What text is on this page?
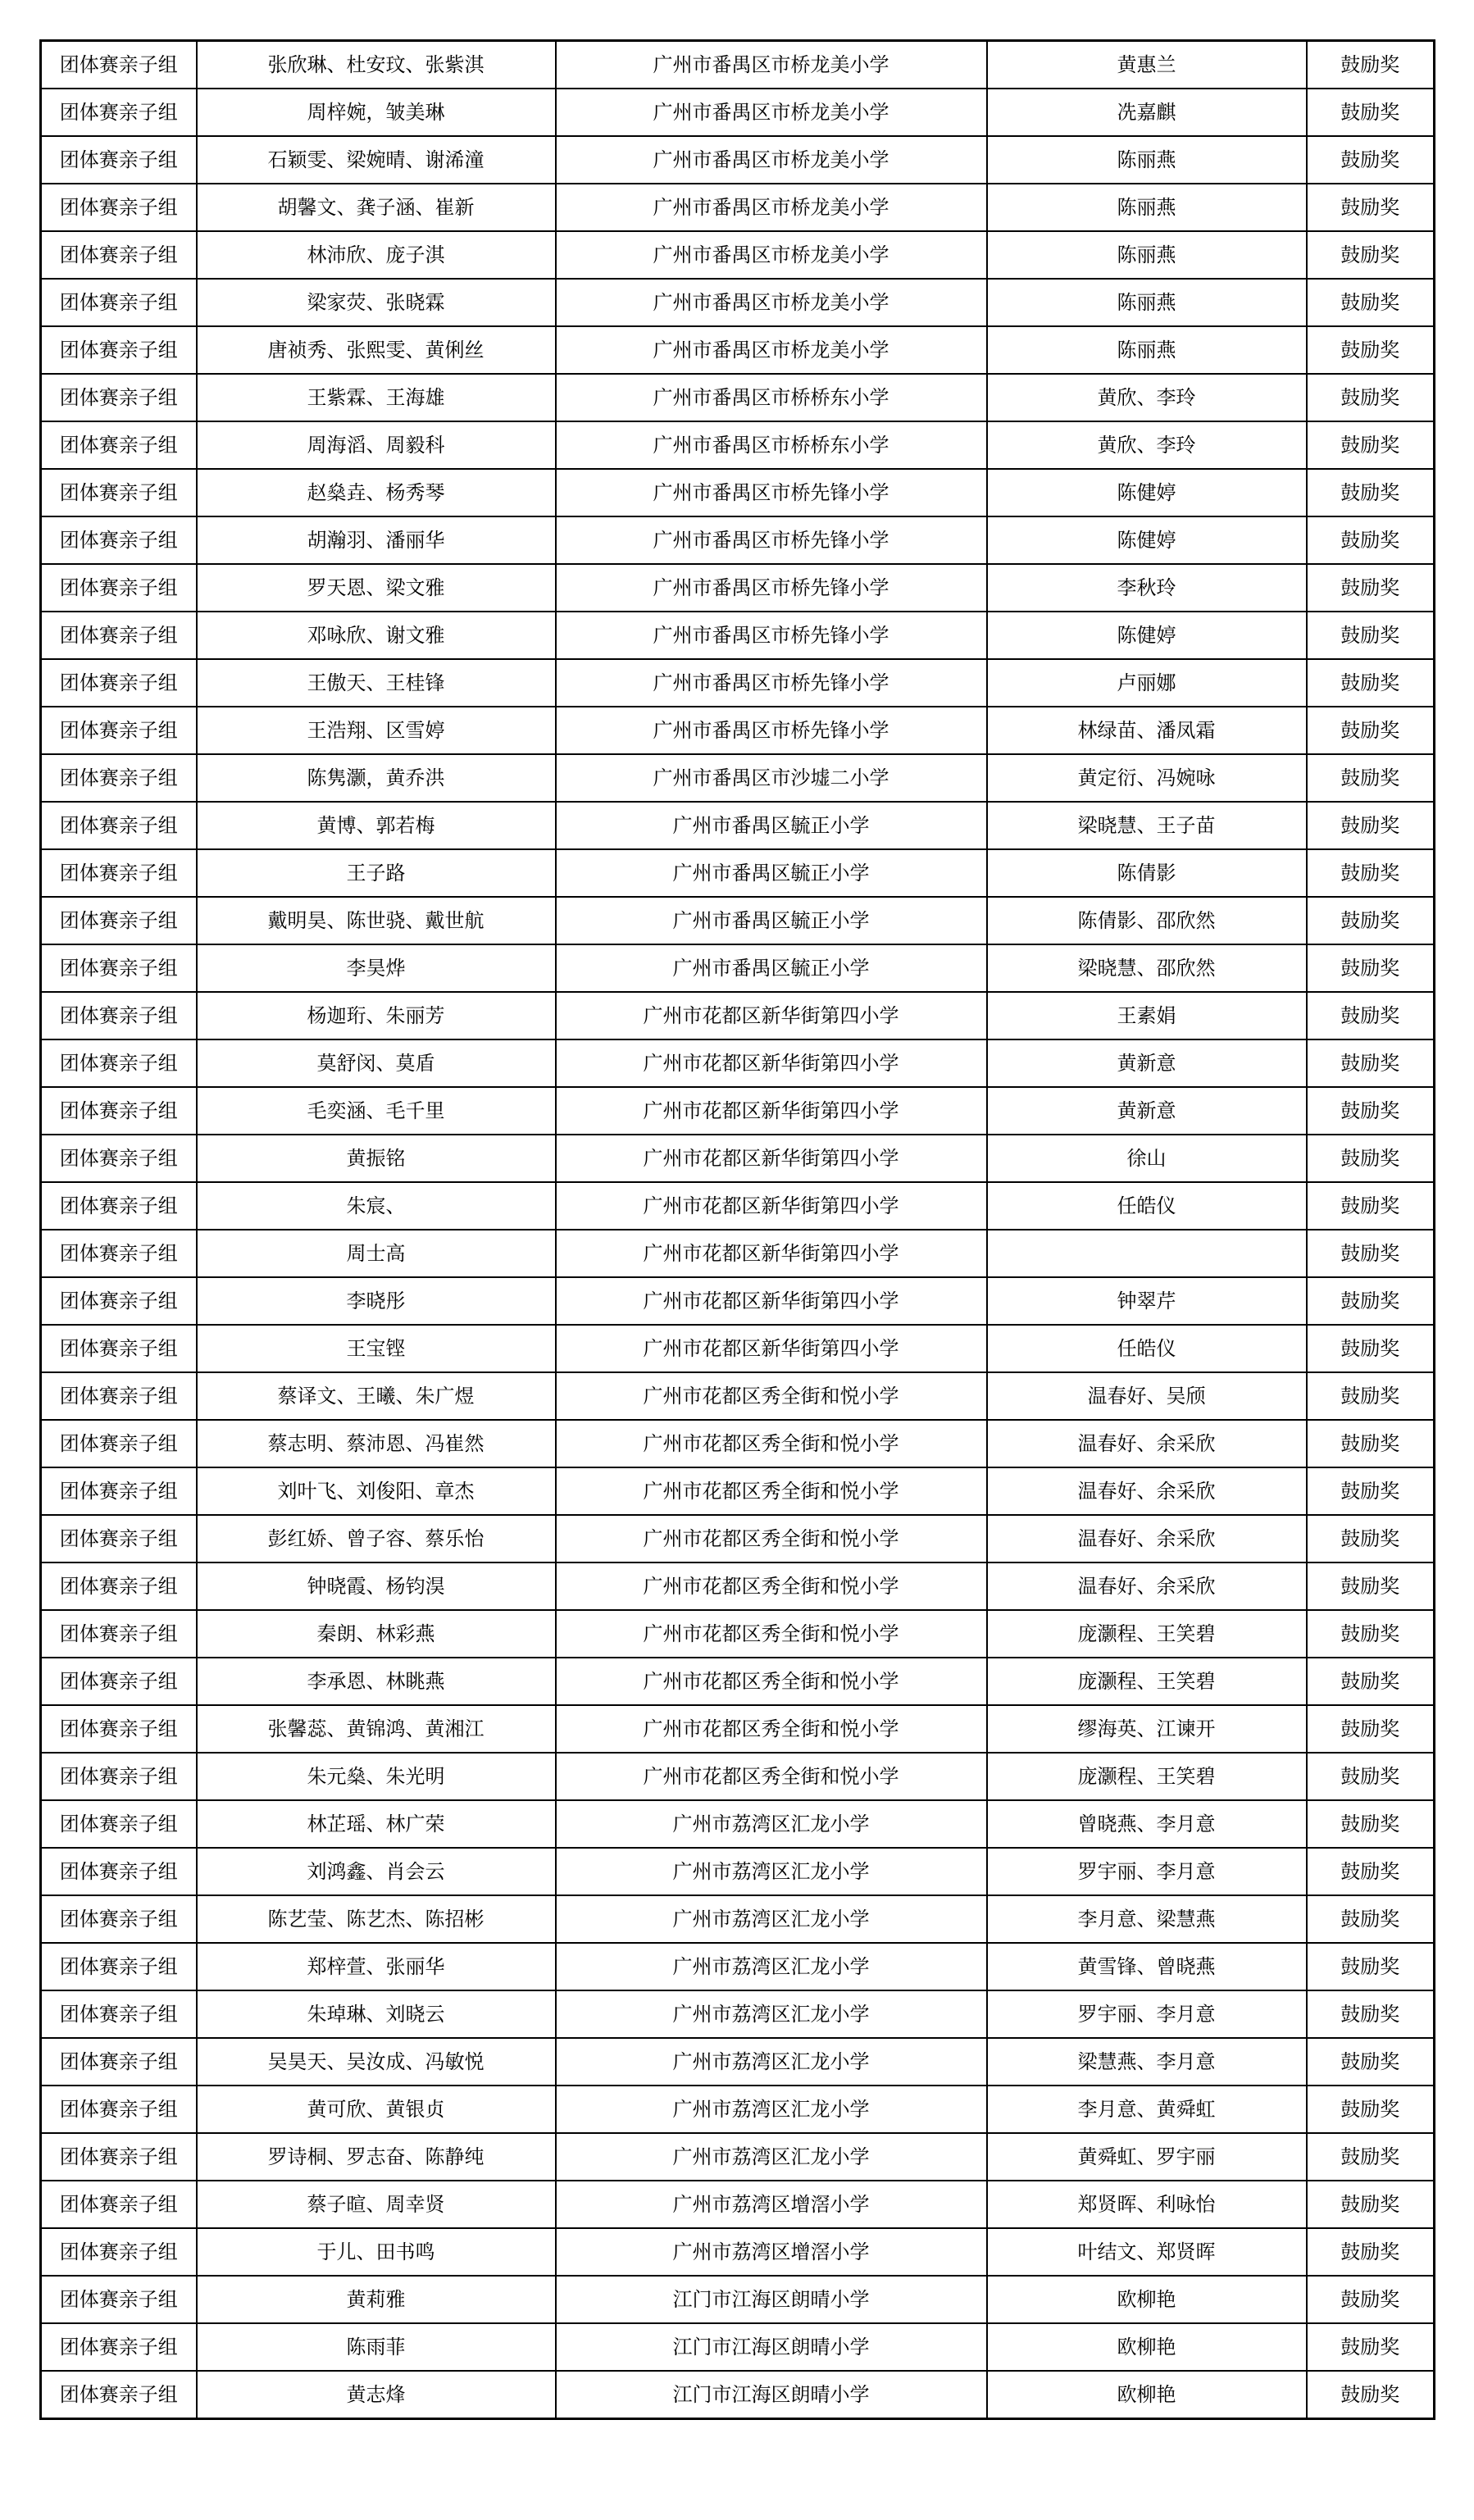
团体赛亲子组	张欣琳、杜安玟、张紫淇	广州市番禺区市桥龙美小学	黄惠兰	鼓励奖
团体赛亲子组	周梓婉，皱美琳	广州市番禺区市桥龙美小学	冼嘉麒	鼓励奖
团体赛亲子组	石颖雯、梁婉晴、谢浠潼	广州市番禺区市桥龙美小学	陈丽燕	鼓励奖
团体赛亲子组	胡馨文、龚子涵、崔新	广州市番禺区市桥龙美小学	陈丽燕	鼓励奖
团体赛亲子组	林沛欣、庞子淇	广州市番禺区市桥龙美小学	陈丽燕	鼓励奖
团体赛亲子组	梁家荧、张晓霖	广州市番禺区市桥龙美小学	陈丽燕	鼓励奖
团体赛亲子组	唐祯秀、张熙雯、黄俐丝	广州市番禺区市桥龙美小学	陈丽燕	鼓励奖
团体赛亲子组	王紫霖、王海雄	广州市番禺区市桥桥东小学	黄欣、李玲	鼓励奖
团体赛亲子组	周海滔、周毅科	广州市番禺区市桥桥东小学	黄欣、李玲	鼓励奖
团体赛亲子组	赵燊垚、杨秀琴	广州市番禺区市桥先锋小学	陈健婷	鼓励奖
团体赛亲子组	胡瀚羽、潘丽华	广州市番禺区市桥先锋小学	陈健婷	鼓励奖
团体赛亲子组	罗天恩、梁文雅	广州市番禺区市桥先锋小学	李秋玲	鼓励奖
团体赛亲子组	邓咏欣、谢文雅	广州市番禺区市桥先锋小学	陈健婷	鼓励奖
团体赛亲子组	王傲天、王桂锋	广州市番禺区市桥先锋小学	卢丽娜	鼓励奖
团体赛亲子组	王浩翔、区雪婷	广州市番禺区市桥先锋小学	林绿苗、潘凤霜	鼓励奖
团体赛亲子组	陈隽灏，黄乔洪	广州市番禺区市沙墟二小学	黄定衍、冯婉咏	鼓励奖
团体赛亲子组	黄博、郭若梅	广州市番禺区毓正小学	梁晓慧、王子苗	鼓励奖
团体赛亲子组	王子路	广州市番禺区毓正小学	陈倩影	鼓励奖
团体赛亲子组	戴明昊、陈世骁、戴世航	广州市番禺区毓正小学	陈倩影、邵欣然	鼓励奖
团体赛亲子组	李昊烨	广州市番禺区毓正小学	梁晓慧、邵欣然	鼓励奖
团体赛亲子组	杨迦珩、朱丽芳	广州市花都区新华街第四小学	王素娟	鼓励奖
团体赛亲子组	莫舒闵、莫盾	广州市花都区新华街第四小学	黄新意	鼓励奖
团体赛亲子组	毛奕涵、毛千里	广州市花都区新华街第四小学	黄新意	鼓励奖
团体赛亲子组	黄振铭	广州市花都区新华街第四小学	徐山	鼓励奖
团体赛亲子组	朱宸、	广州市花都区新华街第四小学	任皓仪	鼓励奖
团体赛亲子组	周士高	广州市花都区新华街第四小学		鼓励奖
团体赛亲子组	李晓彤	广州市花都区新华街第四小学	钟翠芹	鼓励奖
团体赛亲子组	王宝铿	广州市花都区新华街第四小学	任皓仪	鼓励奖
团体赛亲子组	蔡译文、王曦、朱广煜	广州市花都区秀全街和悦小学	温春好、吴颀	鼓励奖
团体赛亲子组	蔡志明、蔡沛恩、冯崔然	广州市花都区秀全街和悦小学	温春好、余采欣	鼓励奖
团体赛亲子组	刘叶飞、刘俊阳、章杰	广州市花都区秀全街和悦小学	温春好、余采欣	鼓励奖
团体赛亲子组	彭红娇、曾子容、蔡乐怡	广州市花都区秀全街和悦小学	温春好、余采欣	鼓励奖
团体赛亲子组	钟晓霞、杨钧淏	广州市花都区秀全街和悦小学	温春好、余采欣	鼓励奖
团体赛亲子组	秦朗、林彩燕	广州市花都区秀全街和悦小学	庞灏程、王笑碧	鼓励奖
团体赛亲子组	李承恩、林眺燕	广州市花都区秀全街和悦小学	庞灏程、王笑碧	鼓励奖
团体赛亲子组	张馨蕊、黄锦鸿、黄湘江	广州市花都区秀全街和悦小学	缪海英、江谏开	鼓励奖
团体赛亲子组	朱元燊、朱光明	广州市花都区秀全街和悦小学	庞灏程、王笑碧	鼓励奖
团体赛亲子组	林芷瑶、林广荣	广州市荔湾区汇龙小学	曾晓燕、李月意	鼓励奖
团体赛亲子组	刘鸿鑫、肖会云	广州市荔湾区汇龙小学	罗宇丽、李月意	鼓励奖
团体赛亲子组	陈艺莹、陈艺杰、陈招彬	广州市荔湾区汇龙小学	李月意、梁慧燕	鼓励奖
团体赛亲子组	郑梓萱、张丽华	广州市荔湾区汇龙小学	黄雪锋、曾晓燕	鼓励奖
团体赛亲子组	朱琸琳、刘晓云	广州市荔湾区汇龙小学	罗宇丽、李月意	鼓励奖
团体赛亲子组	吴昊天、吴汝成、冯敏悦	广州市荔湾区汇龙小学	梁慧燕、李月意	鼓励奖
团体赛亲子组	黄可欣、黄银贞	广州市荔湾区汇龙小学	李月意、黄舜虹	鼓励奖
团体赛亲子组	罗诗桐、罗志奋、陈静纯	广州市荔湾区汇龙小学	黄舜虹、罗宇丽	鼓励奖
团体赛亲子组	蔡子暄、周幸贤	广州市荔湾区增滘小学	郑贤晖、利咏怡	鼓励奖
团体赛亲子组	于儿、田书鸣	广州市荔湾区增滘小学	叶结文、郑贤晖	鼓励奖
团体赛亲子组	黄莉雅	江门市江海区朗晴小学	欧柳艳	鼓励奖
团体赛亲子组	陈雨菲	江门市江海区朗晴小学	欧柳艳	鼓励奖
团体赛亲子组	黄志烽	江门市江海区朗晴小学	欧柳艳	鼓励奖
